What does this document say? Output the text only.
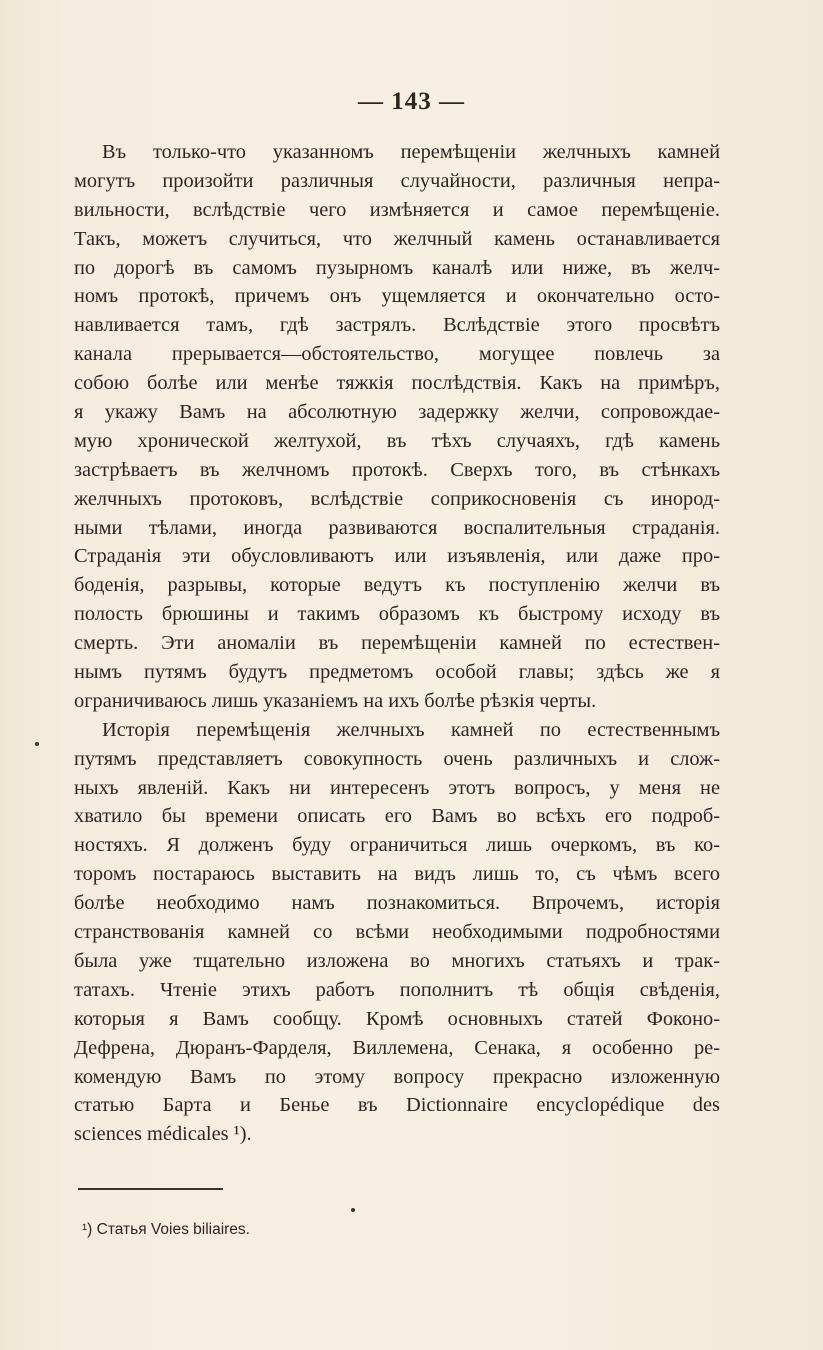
— 143 —
Въ только-что указанномъ перемѣщеніи желчныхъ камней
могутъ произойти различныя случайности, различныя непра-
вильности, вслѣдствіе чего измѣняется и самое перемѣщеніе.
Такъ, можетъ случиться, что желчный камень останавливается
по дорогѣ въ самомъ пузырномъ каналѣ или ниже, въ желч-
номъ протокѣ, причемъ онъ ущемляется и окончательно осто-
навливается тамъ, гдѣ застрялъ. Вслѣдствіе этого просвѣтъ
канала прерывается—обстоятельство, могущее повлечь за
собою болѣе или менѣе тяжкія послѣдствія. Какъ на примѣръ,
я укажу Вамъ на абсолютную задержку желчи, сопровождае-
мую хронической желтухой, въ тѣхъ случаяхъ, гдѣ камень
застрѣваетъ въ желчномъ протокѣ. Сверхъ того, въ стѣнкахъ
желчныхъ протоковъ, вслѣдствіе соприкосновенія съ инород-
ными тѣлами, иногда развиваются воспалительныя страданія.
Страданія эти обусловливаютъ или изъявленія, или даже про-
боденія, разрывы, которые ведутъ къ поступленію желчи въ
полость брюшины и такимъ образомъ къ быстрому исходу въ
смерть. Эти аномаліи въ перемѣщеніи камней по естествен-
нымъ путямъ будутъ предметомъ особой главы; здѣсь же я
ограничиваюсь лишь указаніемъ на ихъ болѣе рѣзкія черты.
Исторія перемѣщенія желчныхъ камней по естественнымъ
путямъ представляетъ совокупность очень различныхъ и слож-
ныхъ явленій. Какъ ни интересенъ этотъ вопросъ, у меня не
хватило бы времени описать его Вамъ во всѣхъ его подроб-
ностяхъ. Я долженъ буду ограничиться лишь очеркомъ, въ ко-
торомъ постараюсь выставить на видъ лишь то, съ чѣмъ всего
болѣе необходимо намъ познакомиться. Впрочемъ, исторія
странствованія камней со всѣми необходимыми подробностями
была уже тщательно изложена во многихъ статьяхъ и трак-
татахъ. Чтеніе этихъ работъ пополнитъ тѣ общія свѣденія,
которыя я Вамъ сообщу. Кромѣ основныхъ статей Фоконо-
Дефрена, Дюранъ-Фарделя, Виллемена, Сенака, я особенно ре-
комендую Вамъ по этому вопросу прекрасно изложенную
статью Барта и Бенье въ Dictionnaire encyclopédique des
sciences médicales ¹).
¹) Статья Voies biliaires.
